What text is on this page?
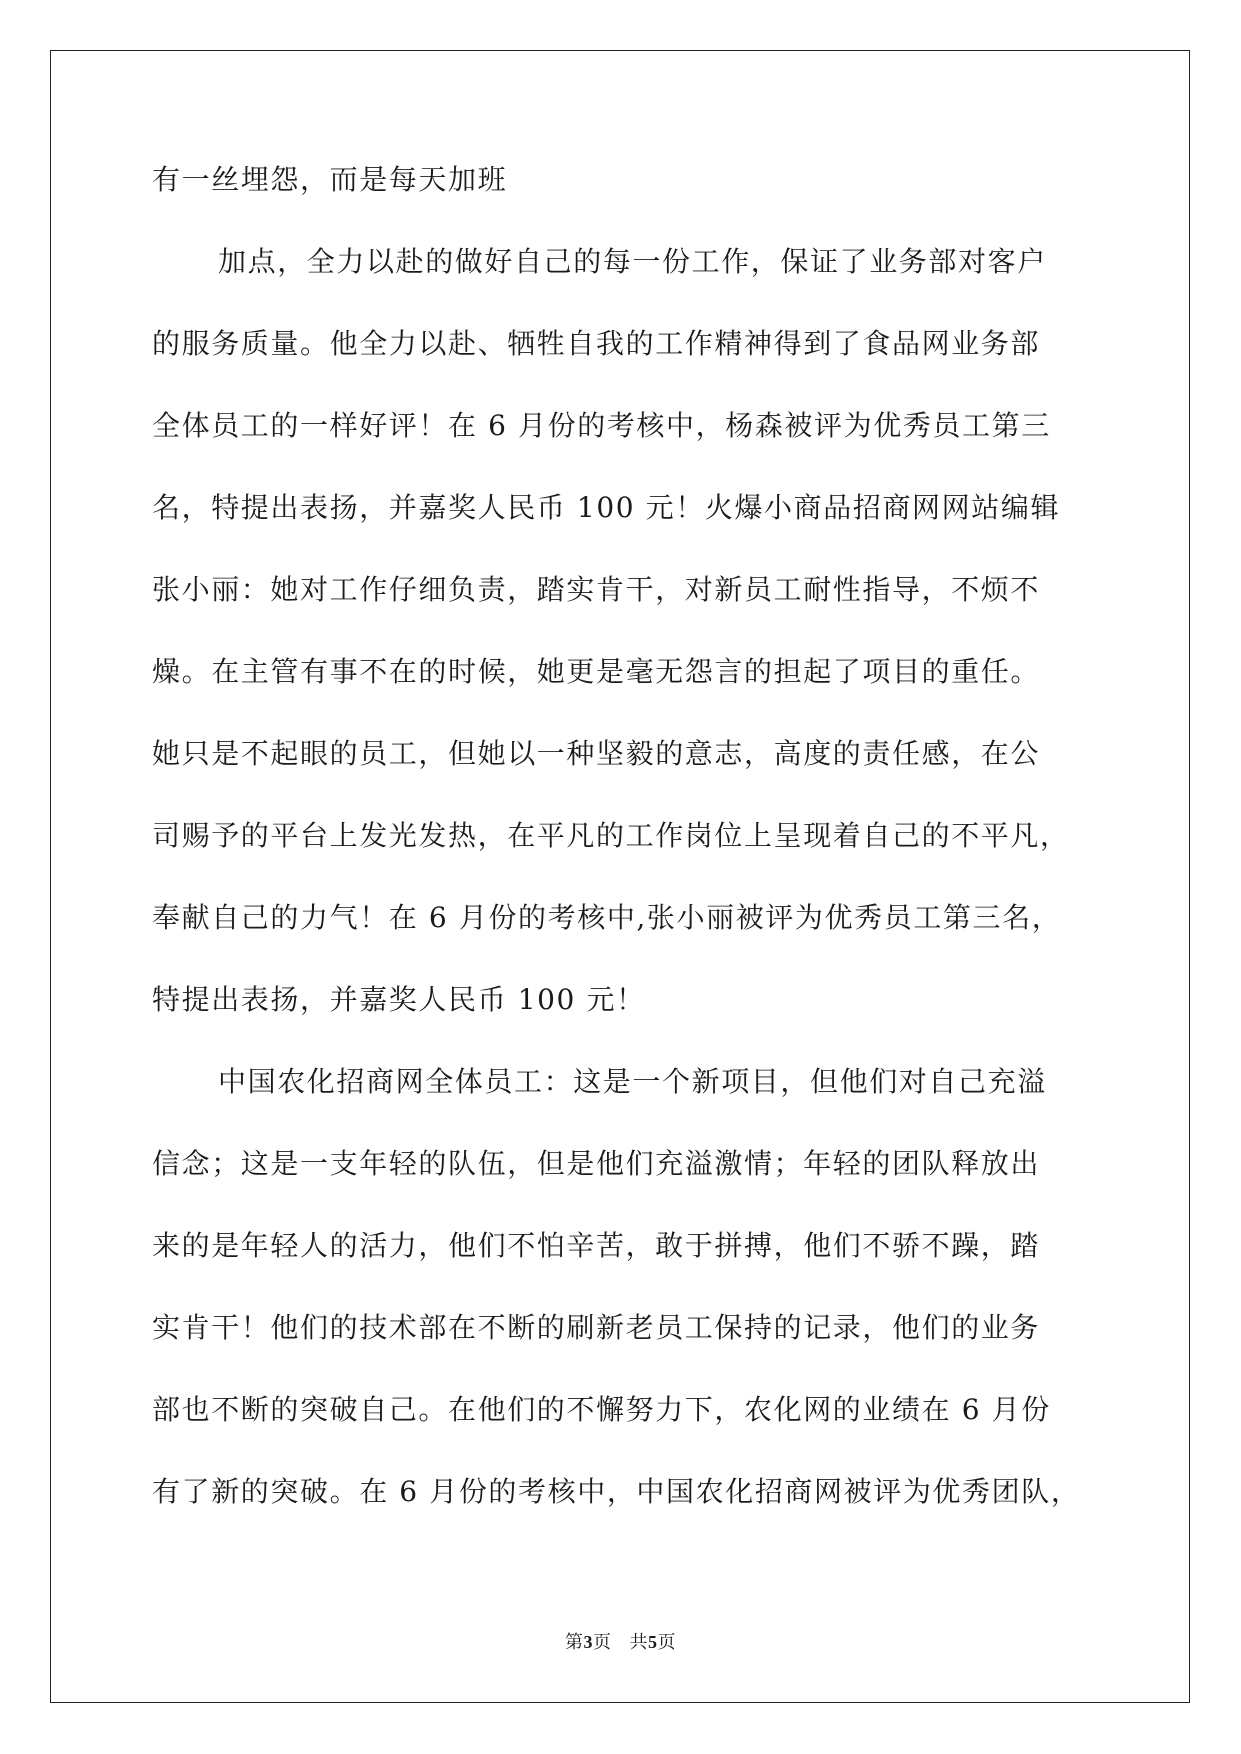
有一丝埋怨，而是每天加班
加点，全力以赴的做好自己的每一份工作，保证了业务部对客户
的服务质量。他全力以赴、牺牲自我的工作精神得到了食品网业务部
全体员工的一样好评！在 6 月份的考核中，杨森被评为优秀员工第三
名，特提出表扬，并嘉奖人民币 100 元！火爆小商品招商网网站编辑
张小丽：她对工作仔细负责，踏实肯干，对新员工耐性指导，不烦不
燥。在主管有事不在的时候，她更是毫无怨言的担起了项目的重任。
她只是不起眼的员工，但她以一种坚毅的意志，高度的责任感，在公
司赐予的平台上发光发热，在平凡的工作岗位上呈现着自己的不平凡，
奉献自己的力气！在 6 月份的考核中,张小丽被评为优秀员工第三名，
特提出表扬，并嘉奖人民币 100 元！
中国农化招商网全体员工：这是一个新项目，但他们对自己充溢
信念；这是一支年轻的队伍，但是他们充溢激情；年轻的团队释放出
来的是年轻人的活力，他们不怕辛苦，敢于拼搏，他们不骄不躁，踏
实肯干！他们的技术部在不断的刷新老员工保持的记录，他们的业务
部也不断的突破自己。在他们的不懈努力下，农化网的业绩在 6 月份
有了新的突破。在 6 月份的考核中，中国农化招商网被评为优秀团队，
第3页 共5页
